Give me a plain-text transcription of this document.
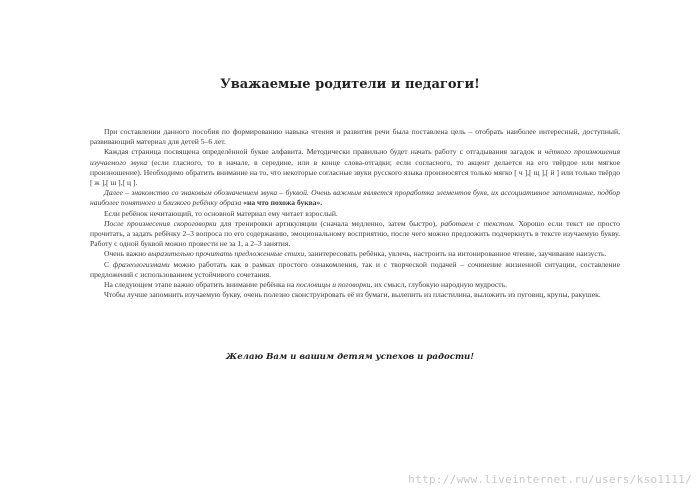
Уважаемые родители и педагоги!

При составлении данного пособия по формированию навыка чтения и развития речи была поставлена цель – отобрать наиболее интересный, доступный, развивающий материал для детей 5–6 лет.

Каждая страница посвящена определённой букве алфавита. Методически правильно будет начать работу с отгадывания загадок и чёткого произношения изучаемого звука (если гласного, то в начале, в середине, или в конце слова-отгадки; если согласного, то акцент делается на его твёрдое или мягкое произношение). Необходимо обратить внимание на то, что некоторые согласные звуки русского языка произносятся только мягко [ ч ],[ щ ],[ й ] или только твёрдо [ ж ],[ ш ],[ ц ].

Далее – знакомство со знаковым обозначением звука – буквой. Очень важным является проработка элементов букв, их ассоциативное запоминание, подбор наиболее понятного и близкого ребёнку образа «на что похожа буква».

Если ребёнок нечитающий, то основной материал ему читает взрослый.

После произнесения скороговорки для тренировки артикуляции (сначала медленно, затем быстро), работаем с текстом. Хорошо если текст не просто прочитать, а задать ребёнку 2–3 вопроса по его содержанию, эмоциональному восприятию, после чего можно предложить подчеркнуть в тексте изучаемую букву. Работу с одной буквой можно провести не за 1, а 2–3 занятия.

Очень важно выразительно прочитать предложенные стихи, заинтересовать ребёнка, увлечь, настроить на интонированное чтение, заучивание наизусть.

С фразеологизмами можно работать как в рамках простого ознакомления, так и с творческой подачей – сочинение жизненной ситуации, составление предложений с использованием устойчивого сочетания.

На следующем этапе важно обратить внимание ребёнка на пословицы и поговорки, их смысл, глубокую народную мудрость.

Чтобы лучше запомнить изучаемую букву, очень полезно сконструировать её из бумаги, вылепить из пластилина, выложить из пуговиц, крупы, ракушек.

Желаю Вам и вашим детям успехов и радости!
http://www.liveinternet.ru/users/kso1111/
